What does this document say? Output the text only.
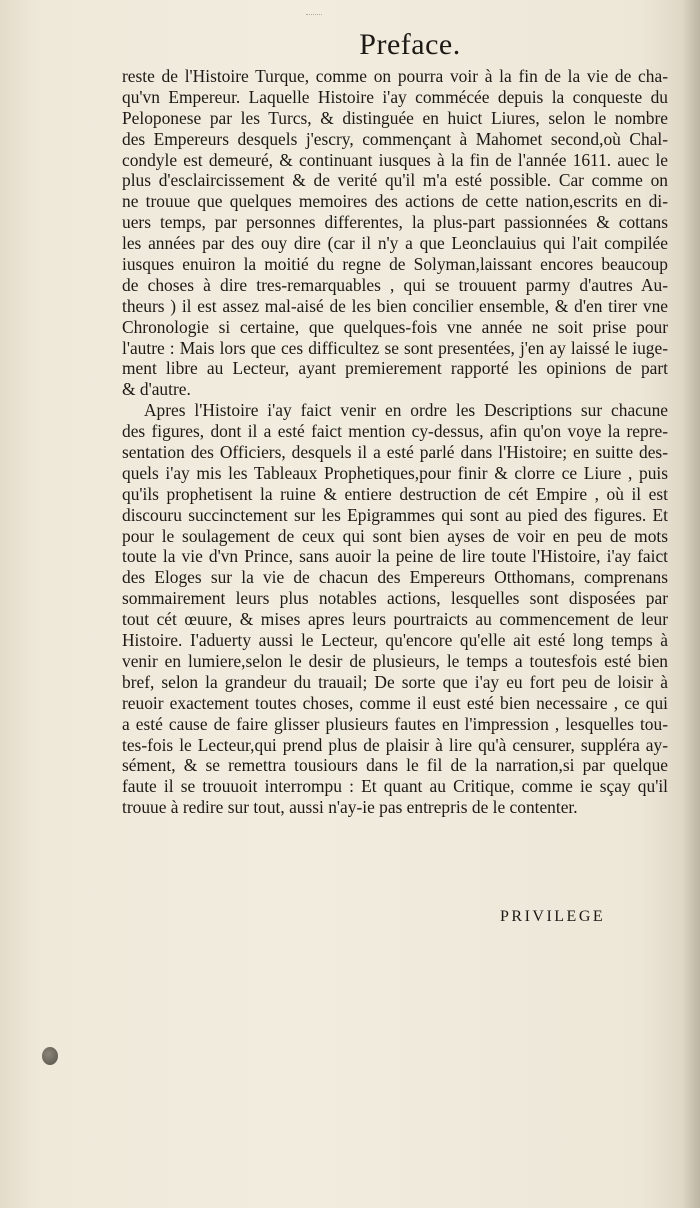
Preface.
reste de l'Histoire Turque, comme on pourra voir à la fin de la vie de cha-
qu'vn Empereur. Laquelle Histoire i'ay commécée depuis la conqueste du
Peloponese par les Turcs, & distinguée en huict Liures, selon le nombre
des Empereurs desquels j'escry, commençant à Mahomet second,où Chal-
condyle est demeuré, & continuant iusques à la fin de l'année 1611. auec le
plus d'esclaircissement & de verité qu'il m'a esté possible. Car comme on
ne trouue que quelques memoires des actions de cette nation,escrits en di-
uers temps, par personnes differentes, la plus-part passionnées & cottans
les années par des ouy dire (car il n'y a que Leonclauius qui l'ait compilée
iusques enuiron la moitié du regne de Solyman,laissant encores beaucoup
de choses à dire tres-remarquables , qui se trouuent parmy d'autres Au-
theurs ) il est assez mal-aisé de les bien concilier ensemble, & d'en tirer vne
Chronologie si certaine, que quelques-fois vne année ne soit prise pour
l'autre : Mais lors que ces difficultez se sont presentées, j'en ay laissé le iuge-
ment libre au Lecteur, ayant premierement rapporté les opinions de part
& d'autre.
Apres l'Histoire i'ay faict venir en ordre les Descriptions sur chacune
des figures, dont il a esté faict mention cy-dessus, afin qu'on voye la repre-
sentation des Officiers, desquels il a esté parlé dans l'Histoire; en suitte des-
quels i'ay mis les Tableaux Prophetiques,pour finir & clorre ce Liure , puis
qu'ils prophetisent la ruine & entiere destruction de cét Empire , où il est
discouru succinctement sur les Epigrammes qui sont au pied des figures. Et
pour le soulagement de ceux qui sont bien ayses de voir en peu de mots
toute la vie d'vn Prince, sans auoir la peine de lire toute l'Histoire, i'ay faict
des Eloges sur la vie de chacun des Empereurs Otthomans, comprenans
sommairement leurs plus notables actions, lesquelles sont disposées par
tout cét œuure, & mises apres leurs pourtraicts au commencement de leur
Histoire. I'aduerty aussi le Lecteur, qu'encore qu'elle ait esté long temps à
venir en lumiere,selon le desir de plusieurs, le temps a toutesfois esté bien
bref, selon la grandeur du trauail; De sorte que i'ay eu fort peu de loisir à
reuoir exactement toutes choses, comme il eust esté bien necessaire , ce qui
a esté cause de faire glisser plusieurs fautes en l'impression , lesquelles tou-
tes-fois le Lecteur,qui prend plus de plaisir à lire qu'à censurer, suppléra ay-
sément, & se remettra tousiours dans le fil de la narration,si par quelque
faute il se trouuoit interrompu : Et quant au Critique, comme ie sçay qu'il
trouue à redire sur tout, aussi n'ay-ie pas entrepris de le contenter.

PRIVILEGE
